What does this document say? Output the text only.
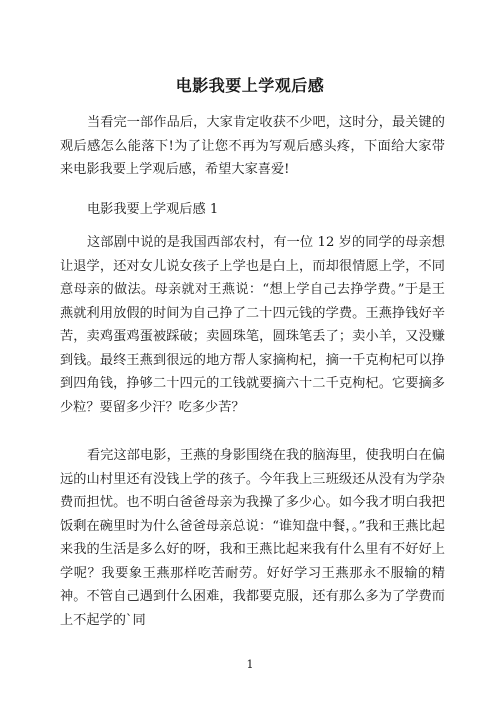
电影我要上学观后感
当看完一部作品后，大家肯定收获不少吧，这时分，最关键的观后感怎么能落下!为了让您不再为写观后感头疼，下面给大家带来电影我要上学观后感，希望大家喜爱!
电影我要上学观后感 1
这部剧中说的是我国西部农村，有一位 12 岁的同学的母亲想让退学，还对女儿说女孩子上学也是白上，而却很情愿上学，不同意母亲的做法。母亲就对王燕说：“想上学自己去挣学费。”于是王燕就利用放假的时间为自己挣了二十四元钱的学费。王燕挣钱好辛苦，卖鸡蛋鸡蛋被踩破；卖圆珠笔，圆珠笔丢了；卖小羊，又没赚到钱。最终王燕到很远的地方帮人家摘枸杞，摘一千克枸杞可以挣到四角钱，挣够二十四元的工钱就要摘六十二千克枸杞。它要摘多少粒？要留多少汗？吃多少苦？
看完这部电影，王燕的身影围绕在我的脑海里，使我明白在偏远的山村里还有没钱上学的孩子。今年我上三班级还从没有为学杂费而担忧。也不明白爸爸母亲为我操了多少心。如今我才明白我把饭剩在碗里时为什么爸爸母亲总说：“谁知盘中餐，。”我和王燕比起来我的生活是多么好的呀，我和王燕比起来我有什么里有不好好上学呢？我要象王燕那样吃苦耐劳。好好学习王燕那永不服输的精神。不管自己遇到什么困难，我都要克服，还有那么多为了学费而上不起学的`同
1
